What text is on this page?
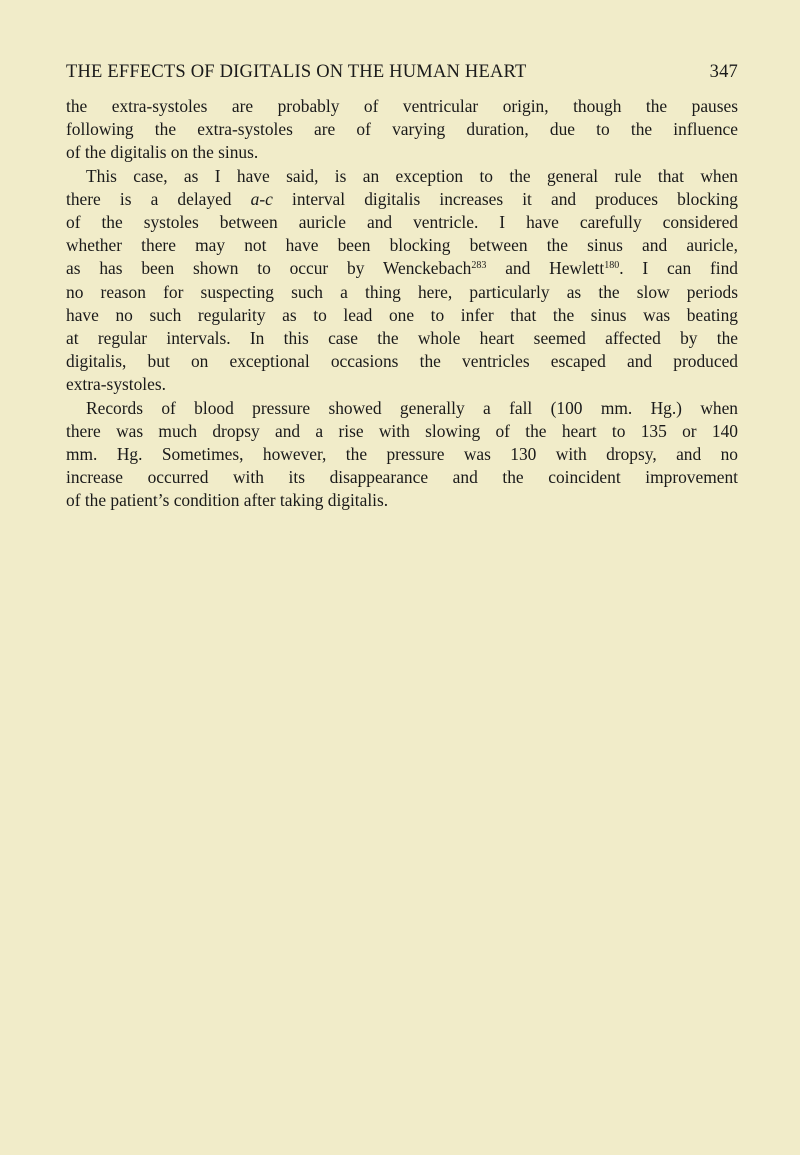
THE EFFECTS OF DIGITALIS ON THE HUMAN HEART	347

the extra-systoles are probably of ventricular origin, though the pauses
following the extra-systoles are of varying duration, due to the influence
of the digitalis on the sinus.

This case, as I have said, is an exception to the general rule that when
there is a delayed a-c interval digitalis increases it and produces blocking
of the systoles between auricle and ventricle. I have carefully considered
whether there may not have been blocking between the sinus and auricle,
as has been shown to occur by Wenckebach$^{283}$ and Hewlett$^{180}$. I can find
no reason for suspecting such a thing here, particularly as the slow periods
have no such regularity as to lead one to infer that the sinus was beating
at regular intervals. In this case the whole heart seemed affected by the
digitalis, but on exceptional occasions the ventricles escaped and produced
extra-systoles.

Records of blood pressure showed generally a fall (100 mm. Hg.) when
there was much dropsy and a rise with slowing of the heart to 135 or 140
mm. Hg. Sometimes, however, the pressure was 130 with dropsy, and no
increase occurred with its disappearance and the coincident improvement
of the patient’s condition after taking digitalis.
